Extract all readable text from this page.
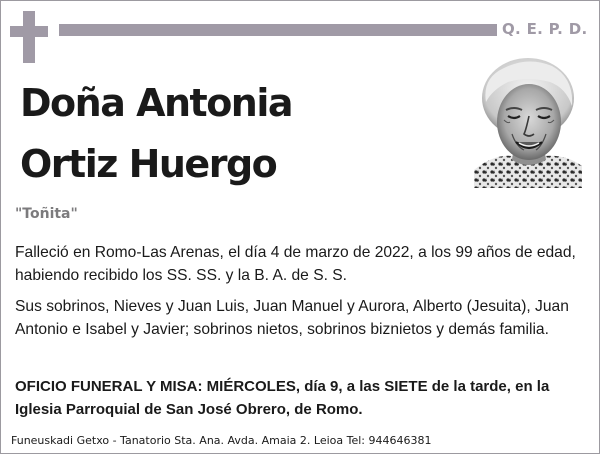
Q. E. P. D.
Doña Antonia
Ortiz Huergo
"Toñita"

Falleció en Romo-Las Arenas, el día 4 de marzo de 2022, a los 99 años de edad, habiendo recibido los SS. SS. y la B. A. de S. S.

Sus sobrinos, Nieves y Juan Luis, Juan Manuel y Aurora, Alberto (Jesuita), Juan Antonio e Isabel y Javier; sobrinos nietos, sobrinos biznietos y demás familia.

OFICIO FUNERAL Y MISA: MIÉRCOLES, día 9, a las SIETE de la tarde, en la Iglesia Parroquial de San José Obrero, de Romo.

Funeuskadi Getxo - Tanatorio Sta. Ana. Avda. Amaia 2. Leioa Tel: 944646381
